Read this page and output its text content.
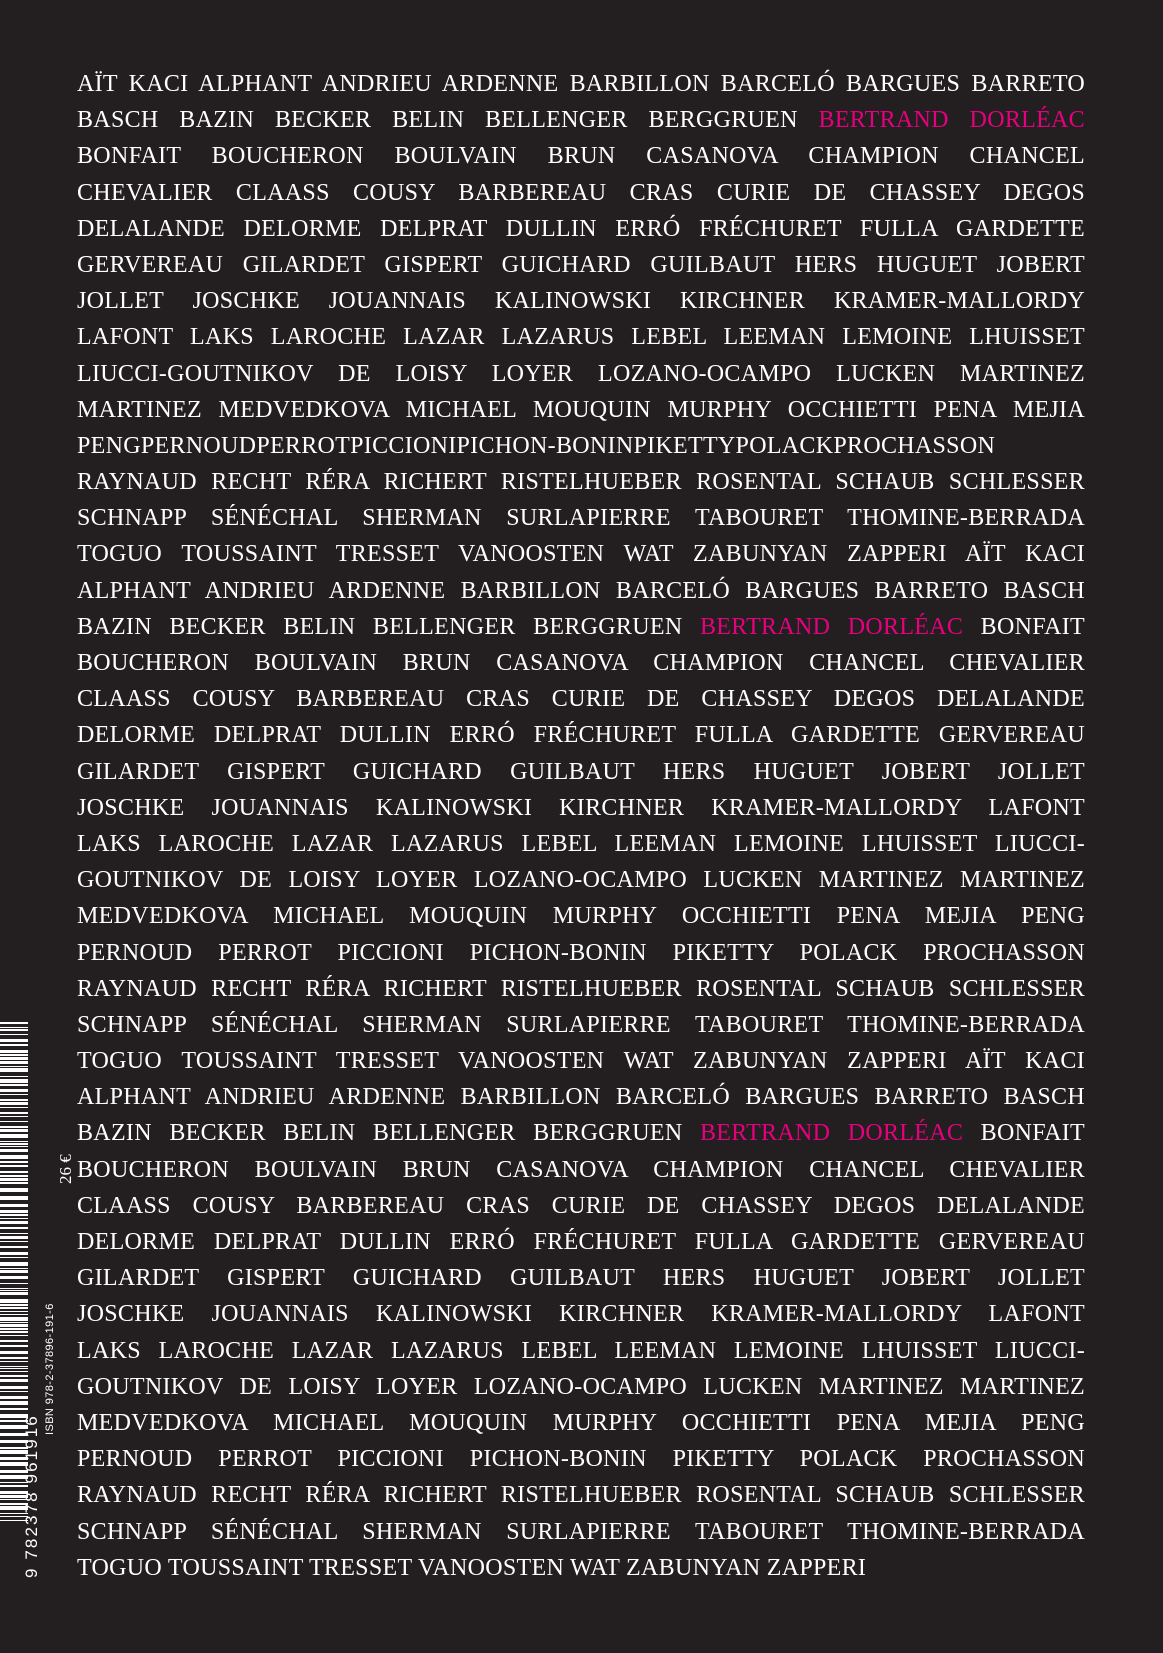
AÏT KACI ALPHANT ANDRIEU ARDENNE BARBILLON BARCELÓ BARGUES BARRETO
BASCH BAZIN BECKER BELIN BELLENGER BERGGRUEN BERTRAND DORLÉAC
BONFAIT BOUCHERON BOULVAIN BRUN CASANOVA CHAMPION CHANCEL
CHEVALIER CLAASS COUSY BARBEREAU CRAS CURIE DE CHASSEY DEGOS
DELALANDE DELORME DELPRAT DULLIN ERRÓ FRÉCHURET FULLA GARDETTE
GERVEREAU GILARDET GISPERT GUICHARD GUILBAUT HERS HUGUET JOBERT
JOLLET JOSCHKE JOUANNAIS KALINOWSKI KIRCHNER KRAMER-MALLORDY
LAFONT LAKS LAROCHE LAZAR LAZARUS LEBEL LEEMAN LEMOINE LHUISSET
LIUCCI-GOUTNIKOV DE LOISY LOYER LOZANO-OCAMPO LUCKEN MARTINEZ
MARTINEZ MEDVEDKOVA MICHAEL MOUQUIN MURPHY OCCHIETTI PENA MEJIA
PENGPERNOUDPERROTPICCIONIPICHON-BONINPIKETTYPOLACKPROCHASSON
RAYNAUD RECHT RÉRA RICHERT RISTELHUEBER ROSENTAL SCHAUB SCHLESSER
SCHNAPP SÉNÉCHAL SHERMAN SURLAPIERRE TABOURET THOMINE-BERRADA
TOGUO TOUSSAINT TRESSET VANOOSTEN WAT ZABUNYAN ZAPPERI AÏT KACI
ALPHANT ANDRIEU ARDENNE BARBILLON BARCELÓ BARGUES BARRETO BASCH
BAZIN BECKER BELIN BELLENGER BERGGRUEN BERTRAND DORLÉAC BONFAIT
BOUCHERON BOULVAIN BRUN CASANOVA CHAMPION CHANCEL CHEVALIER
CLAASS COUSY BARBEREAU CRAS CURIE DE CHASSEY DEGOS DELALANDE
DELORME DELPRAT DULLIN ERRÓ FRÉCHURET FULLA GARDETTE GERVEREAU
GILARDET GISPERT GUICHARD GUILBAUT HERS HUGUET JOBERT JOLLET
JOSCHKE JOUANNAIS KALINOWSKI KIRCHNER KRAMER-MALLORDY LAFONT
LAKS LAROCHE LAZAR LAZARUS LEBEL LEEMAN LEMOINE LHUISSET LIUCCI-
GOUTNIKOV DE LOISY LOYER LOZANO-OCAMPO LUCKEN MARTINEZ MARTINEZ
MEDVEDKOVA MICHAEL MOUQUIN MURPHY OCCHIETTI PENA MEJIA PENG
PERNOUD PERROT PICCIONI PICHON-BONIN PIKETTY POLACK PROCHASSON
RAYNAUD RECHT RÉRA RICHERT RISTELHUEBER ROSENTAL SCHAUB SCHLESSER
SCHNAPP SÉNÉCHAL SHERMAN SURLAPIERRE TABOURET THOMINE-BERRADA
TOGUO TOUSSAINT TRESSET VANOOSTEN WAT ZABUNYAN ZAPPERI AÏT KACI
ALPHANT ANDRIEU ARDENNE BARBILLON BARCELÓ BARGUES BARRETO BASCH
BAZIN BECKER BELIN BELLENGER BERGGRUEN BERTRAND DORLÉAC BONFAIT
BOUCHERON BOULVAIN BRUN CASANOVA CHAMPION CHANCEL CHEVALIER
CLAASS COUSY BARBEREAU CRAS CURIE DE CHASSEY DEGOS DELALANDE
DELORME DELPRAT DULLIN ERRÓ FRÉCHURET FULLA GARDETTE GERVEREAU
GILARDET GISPERT GUICHARD GUILBAUT HERS HUGUET JOBERT JOLLET
JOSCHKE JOUANNAIS KALINOWSKI KIRCHNER KRAMER-MALLORDY LAFONT
LAKS LAROCHE LAZAR LAZARUS LEBEL LEEMAN LEMOINE LHUISSET LIUCCI-
GOUTNIKOV DE LOISY LOYER LOZANO-OCAMPO LUCKEN MARTINEZ MARTINEZ
MEDVEDKOVA MICHAEL MOUQUIN MURPHY OCCHIETTI PENA MEJIA PENG
PERNOUD PERROT PICCIONI PICHON-BONIN PIKETTY POLACK PROCHASSON
RAYNAUD RECHT RÉRA RICHERT RISTELHUEBER ROSENTAL SCHAUB SCHLESSER
SCHNAPP SÉNÉCHAL SHERMAN SURLAPIERRE TABOURET THOMINE-BERRADA
TOGUO TOUSSAINT TRESSET VANOOSTEN WAT ZABUNYAN ZAPPERI
9 782378 961916
ISBN 978-2-37896-191-6
26 €
